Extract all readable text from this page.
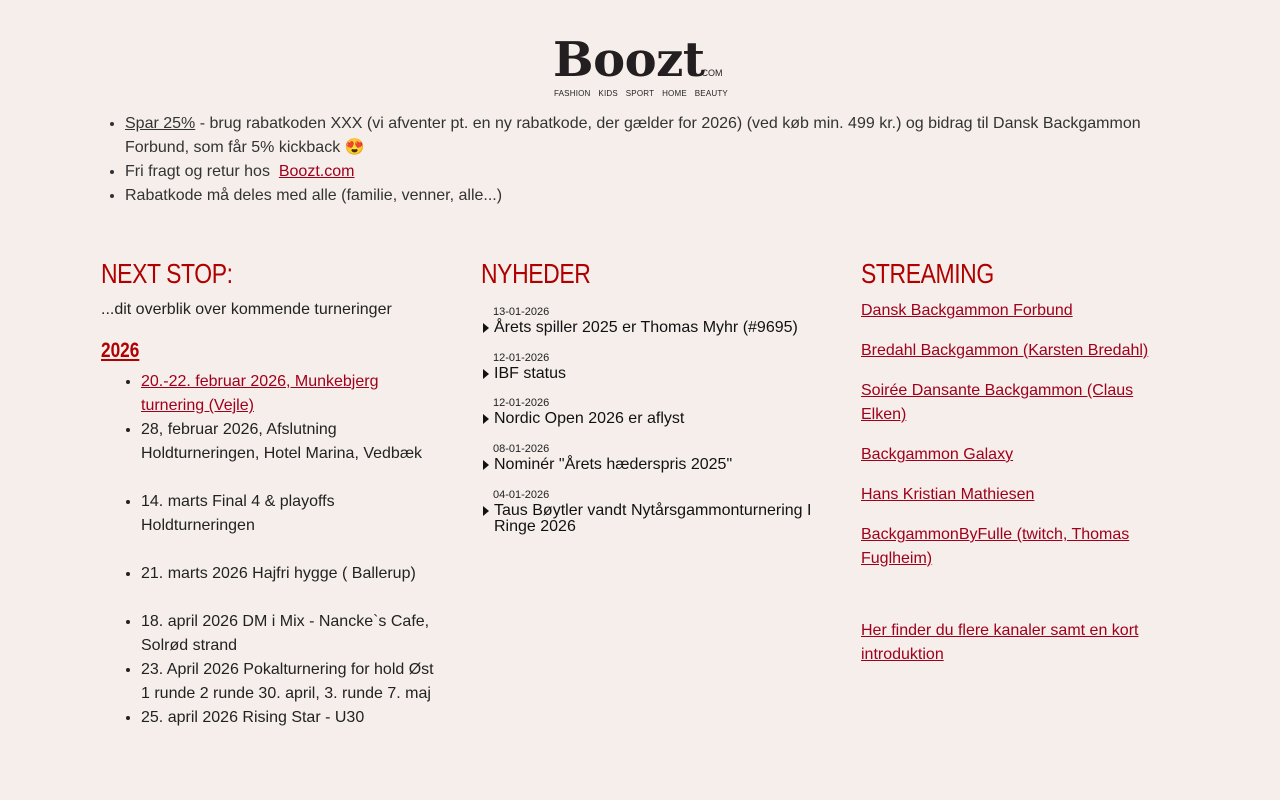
Boozt
.COM
FASHION KIDS SPORT HOME BEAUTY
• Spar 25% - brug rabatkoden XXX (vi afventer pt. en ny rabatkode, der gælder for 2026) (ved køb min. 499 kr.) og bidrag til Dansk Backgammon Forbund, som får 5% kickback 😍
• Fri fragt og retur hos  Boozt.com
• Rabatkode må deles med alle (familie, venner, alle...)
NEXT STOP:
...dit overblik over kommende turneringer
2026
• 20.-22. februar 2026, Munkebjerg turnering (Vejle)
• 28, februar 2026, Afslutning Holdturneringen, Hotel Marina, Vedbæk
• 14. marts Final 4 & playoffs Holdturneringen
• 21. marts 2026 Hajfri hygge ( Ballerup)
• 18. april 2026 DM i Mix - Nancke`s Cafe, Solrød strand
• 23. April 2026 Pokalturnering for hold Øst 1 runde 2 runde 30. april, 3. runde 7. maj
• 25. april 2026 Rising Star - U30
NYHEDER
13-01-2026
Årets spiller 2025 er Thomas Myhr (#9695)
12-01-2026
IBF status
12-01-2026
Nordic Open 2026 er aflyst
08-01-2026
Nominér "Årets hæderspris 2025"
04-01-2026
Taus Bøytler vandt Nytårsgammonturnering I Ringe 2026
STREAMING
Dansk Backgammon Forbund
Bredahl Backgammon (Karsten Bredahl)
Soirée Dansante Backgammon (Claus Elken)
Backgammon Galaxy
Hans Kristian Mathiesen
BackgammonByFulle (twitch, Thomas Fuglheim)
Her finder du flere kanaler samt en kort introduktion
